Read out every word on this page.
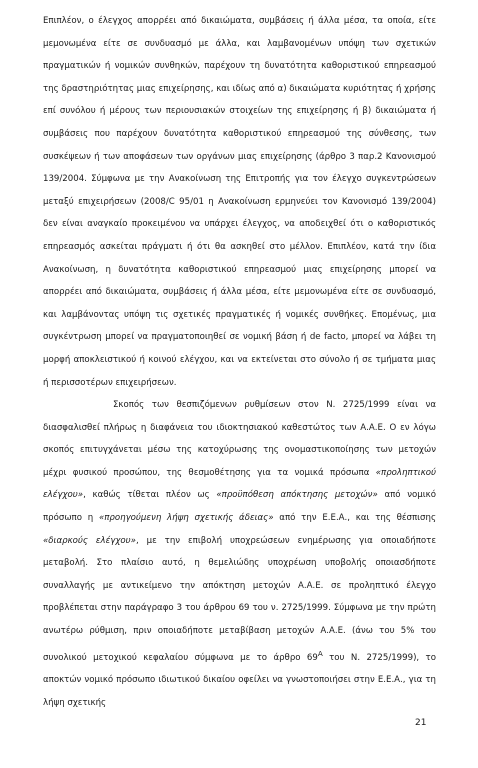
Επιπλέον, ο έλεγχος απορρέει από δικαιώματα, συμβάσεις ή άλλα μέσα, τα οποία, είτε μεμονωμένα είτε σε συνδυασμό με άλλα, και λαμβανομένων υπόψη των σχετικών πραγματικών ή νομικών συνθηκών, παρέχουν τη δυνατότητα καθοριστικού επηρεασμού της δραστηριότητας μιας επιχείρησης, και ιδίως από α) δικαιώματα κυριότητας ή χρήσης επί συνόλου ή μέρους των περιουσιακών στοιχείων της επιχείρησης ή β) δικαιώματα ή συμβάσεις που παρέχουν δυνατότητα καθοριστικού επηρεασμού της σύνθεσης, των συσκέψεων ή των αποφάσεων των οργάνων μιας επιχείρησης (άρθρο 3 παρ.2 Κανονισμού 139/2004. Σύμφωνα με την Ανακοίνωση της Επιτροπής για τον έλεγχο συγκεντρώσεων μεταξύ επιχειρήσεων (2008/C 95/01 η Ανακοίνωση ερμηνεύει τον Κανονισμό 139/2004) δεν είναι αναγκαίο προκειμένου να υπάρχει έλεγχος, να αποδειχθεί ότι ο καθοριστικός επηρεασμός ασκείται πράγματι ή ότι θα ασκηθεί στο μέλλον. Επιπλέον, κατά την ίδια Ανακοίνωση, η δυνατότητα καθοριστικού επηρεασμού μιας επιχείρησης μπορεί να απορρέει από δικαιώματα, συμβάσεις ή άλλα μέσα, είτε μεμονωμένα είτε σε συνδυασμό, και λαμβάνοντας υπόψη τις σχετικές πραγματικές ή νομικές συνθήκες. Επομένως, μια συγκέντρωση μπορεί να πραγματοποιηθεί σε νομική βάση ή de facto, μπορεί να λάβει τη μορφή αποκλειστικού ή κοινού ελέγχου, και να εκτείνεται στο σύνολο ή σε τμήματα μιας ή περισσοτέρων επιχειρήσεων.

Σκοπός των θεσπιζόμενων ρυθμίσεων στον Ν. 2725/1999 είναι να διασφαλισθεί πλήρως η διαφάνεια του ιδιοκτησιακού καθεστώτος των Α.Α.Ε. Ο εν λόγω σκοπός επιτυγχάνεται μέσω της κατοχύρωσης της ονομαστικοποίησης των μετοχών μέχρι φυσικού προσώπου, της θεσμοθέτησης για τα νομικά πρόσωπα «προληπτικού ελέγχου», καθώς τίθεται πλέον ως «προϋπόθεση απόκτησης μετοχών» από νομικό πρόσωπο η «προηγούμενη λήψη σχετικής άδειας» από την Ε.Ε.Α., και της θέσπισης «διαρκούς ελέγχου», με την επιβολή υποχρεώσεων ενημέρωσης για οποιαδήποτε μεταβολή. Στο πλαίσιο αυτό, η θεμελιώδης υποχρέωση υποβολής οποιασδήποτε συναλλαγής με αντικείμενο την απόκτηση μετοχών Α.Α.Ε. σε προληπτικό έλεγχο προβλέπεται στην παράγραφο 3 του άρθρου 69 του ν. 2725/1999. Σύμφωνα με την πρώτη ανωτέρω ρύθμιση, πριν οποιαδήποτε μεταβίβαση μετοχών Α.Α.Ε. (άνω του 5% του συνολικού μετοχικού κεφαλαίου σύμφωνα με το άρθρο $69^A$ του Ν. 2725/1999), το αποκτών νομικό πρόσωπο ιδιωτικού δικαίου οφείλει να γνωστοποιήσει στην Ε.Ε.Α., για τη λήψη σχετικής

21
